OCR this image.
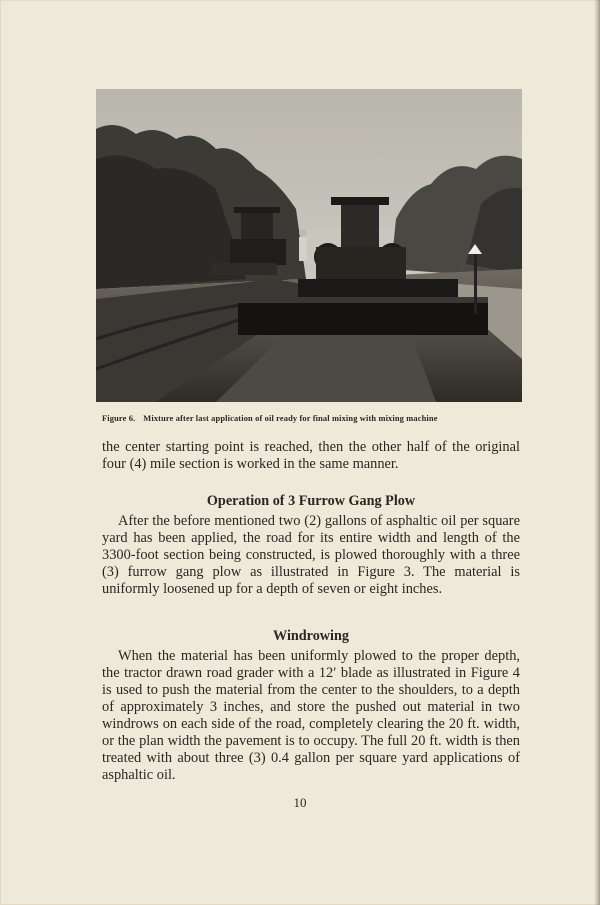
Figure 6. Mixture after last application of oil ready for final mixing with mixing machine
the center starting point is reached, then the other half of the original four (4) mile section is worked in the same manner.
Operation of 3 Furrow Gang Plow
After the before mentioned two (2) gallons of asphaltic oil per square yard has been applied, the road for its entire width and length of the 3300-foot section being constructed, is plowed thoroughly with a three (3) furrow gang plow as illustrated in Figure 3. The material is uniformly loosened up for a depth of seven or eight inches.
Windrowing
When the material has been uniformly plowed to the proper depth, the tractor drawn road grader with a 12′ blade as illustrated in Figure 4 is used to push the material from the center to the shoulders, to a depth of approximately 3 inches, and store the pushed out material in two windrows on each side of the road, completely clearing the 20 ft. width, or the plan width the pavement is to occupy. The full 20 ft. width is then treated with about three (3) 0.4 gallon per square yard applications of asphaltic oil.
10
